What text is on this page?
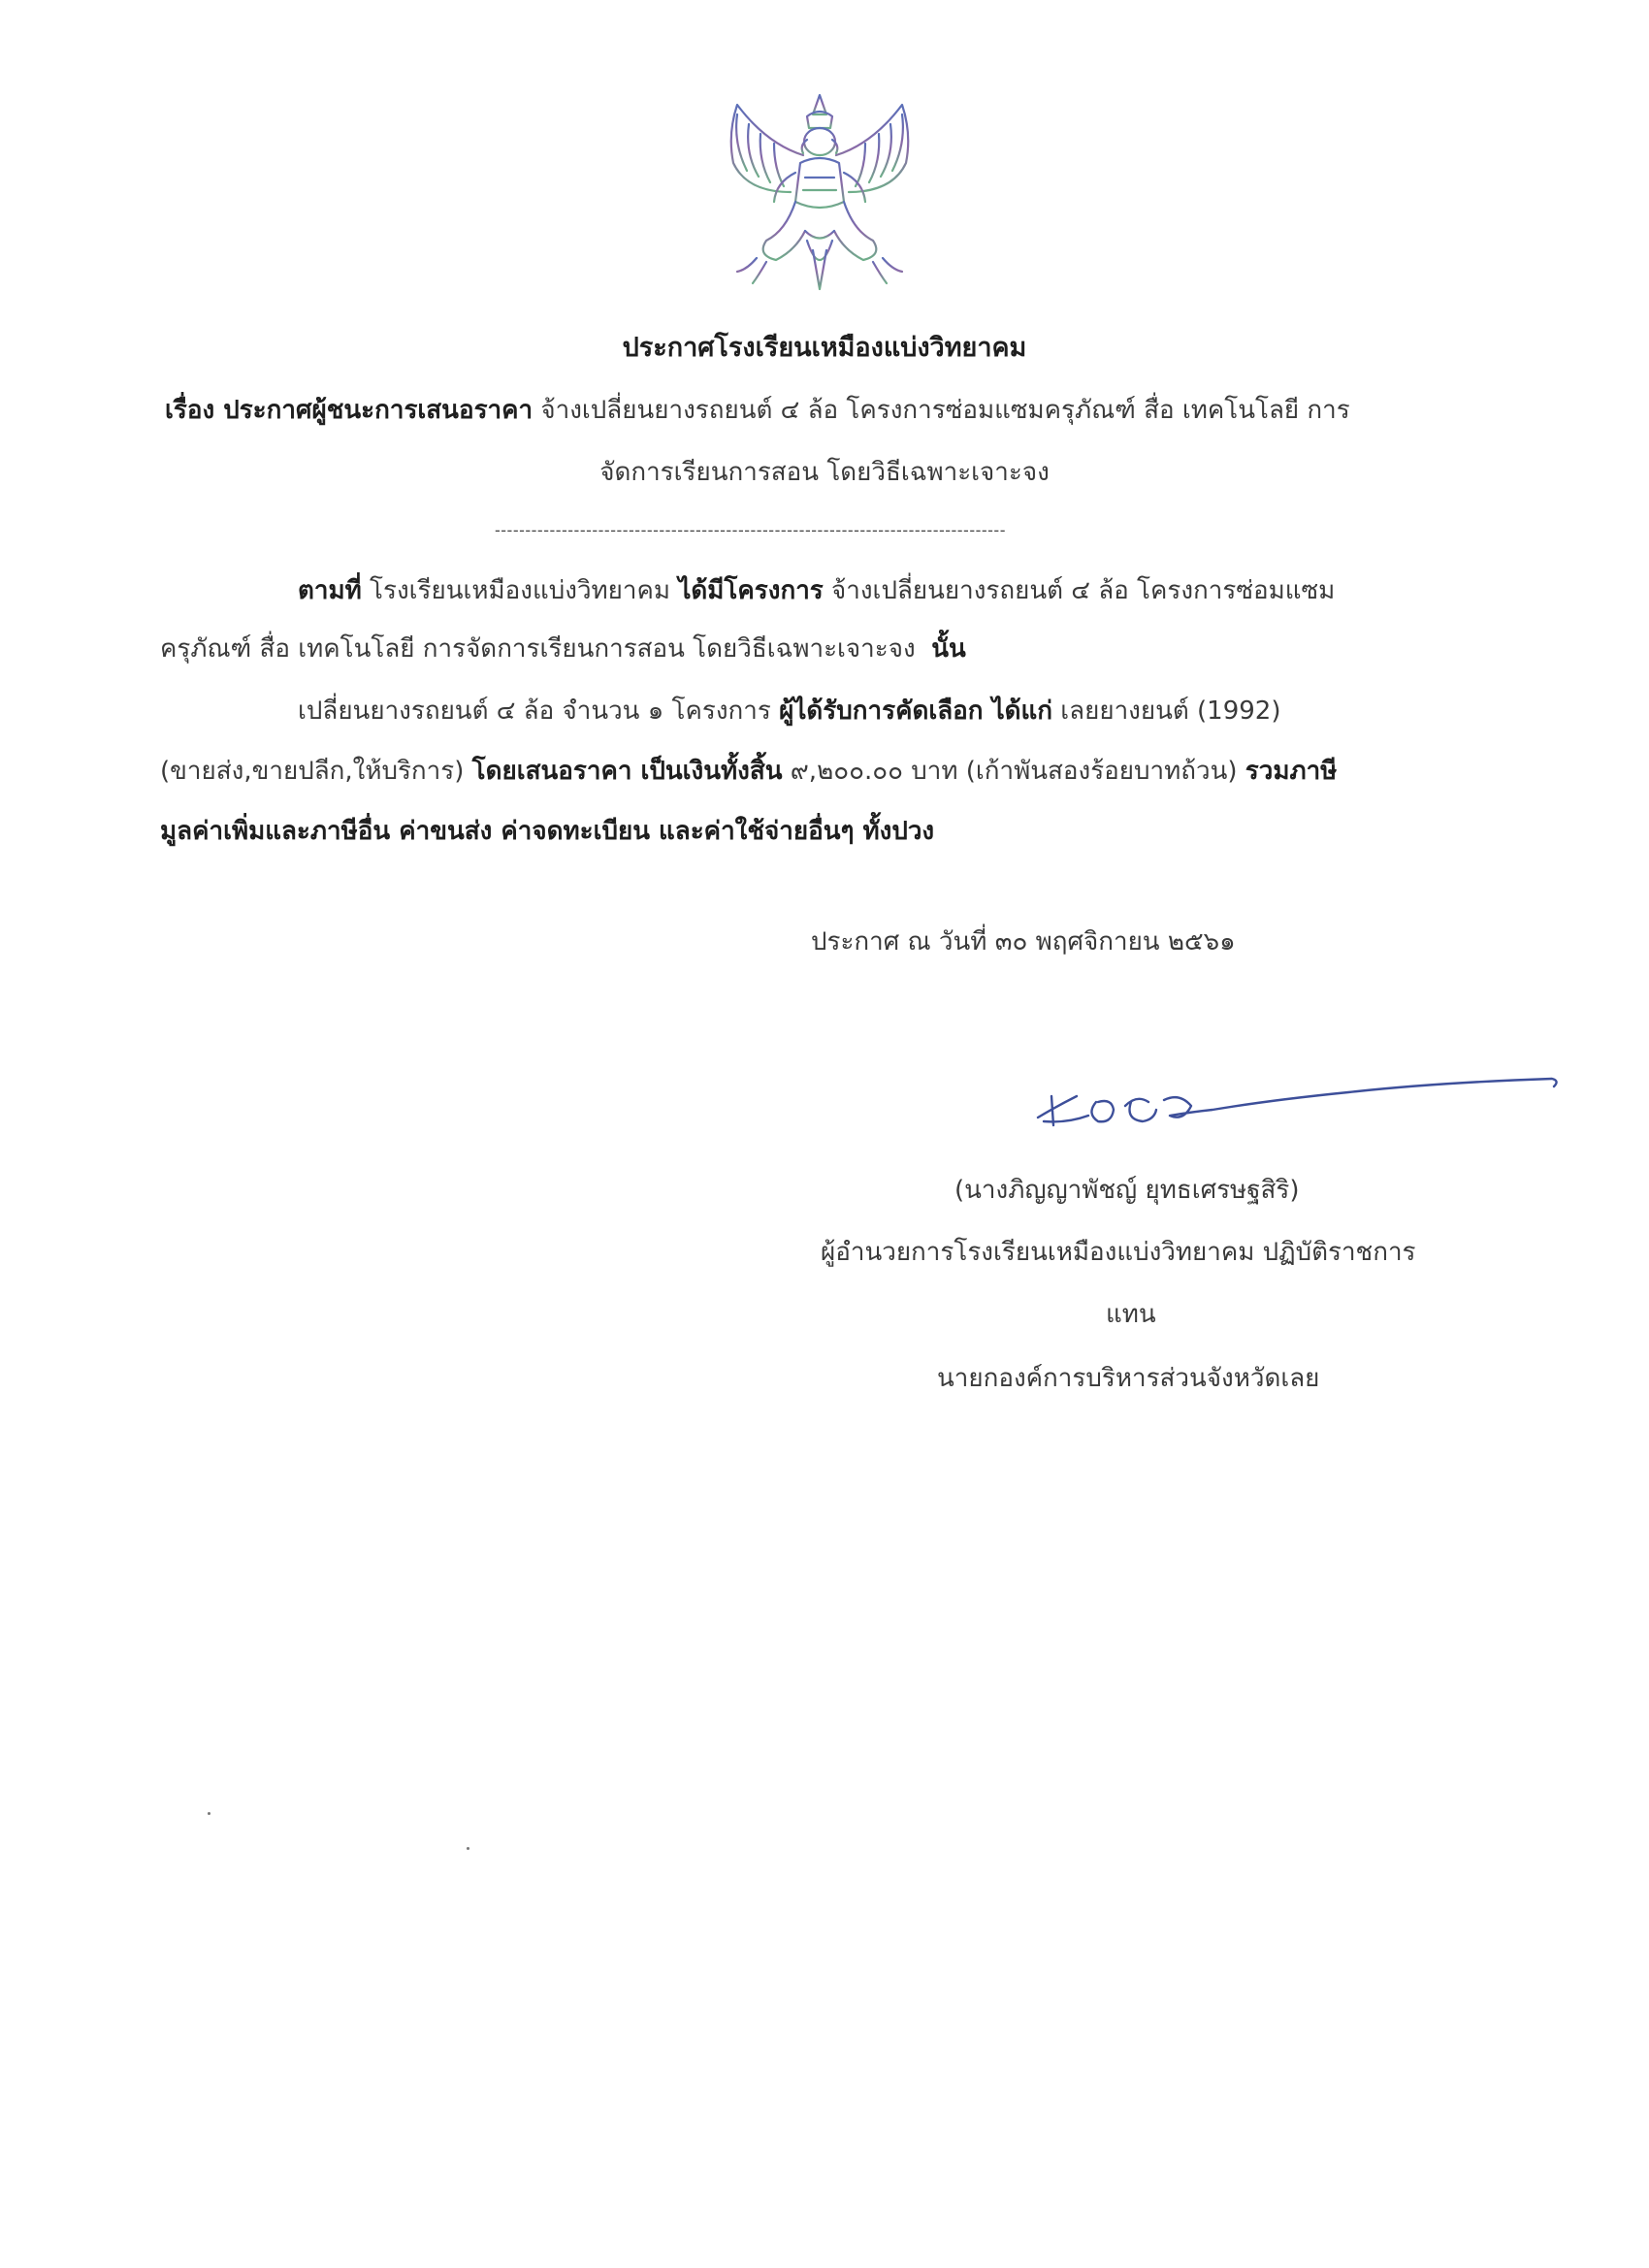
ประกาศโรงเรียนเหมืองแบ่งวิทยาคม
เรื่อง ประกาศผู้ชนะการเสนอราคา จ้างเปลี่ยนยางรถยนต์ ๔ ล้อ โครงการซ่อมแซมครุภัณฑ์ สื่อ เทคโนโลยี การ
จัดการเรียนการสอน โดยวิธีเฉพาะเจาะจง
------------------------------------------------------------------------------------
ตามที่ โรงเรียนเหมืองแบ่งวิทยาคม ได้มีโครงการ จ้างเปลี่ยนยางรถยนต์ ๔ ล้อ โครงการซ่อมแซม
ครุภัณฑ์ สื่อ เทคโนโลยี การจัดการเรียนการสอน โดยวิธีเฉพาะเจาะจง นั้น
เปลี่ยนยางรถยนต์ ๔ ล้อ จำนวน ๑ โครงการ ผู้ได้รับการคัดเลือก ได้แก่ เลยยางยนต์ (1992)
(ขายส่ง,ขายปลีก,ให้บริการ) โดยเสนอราคา เป็นเงินทั้งสิ้น ๙,๒๐๐.๐๐ บาท (เก้าพันสองร้อยบาทถ้วน) รวมภาษี
มูลค่าเพิ่มและภาษีอื่น ค่าขนส่ง ค่าจดทะเบียน และค่าใช้จ่ายอื่นๆ ทั้งปวง
ประกาศ ณ วันที่ ๓๐ พฤศจิกายน ๒๕๖๑
(นางภิญญาพัชญ์ ยุทธเศรษฐสิริ)
ผู้อำนวยการโรงเรียนเหมืองแบ่งวิทยาคม ปฏิบัติราชการ
แทน
นายกองค์การบริหารส่วนจังหวัดเลย
